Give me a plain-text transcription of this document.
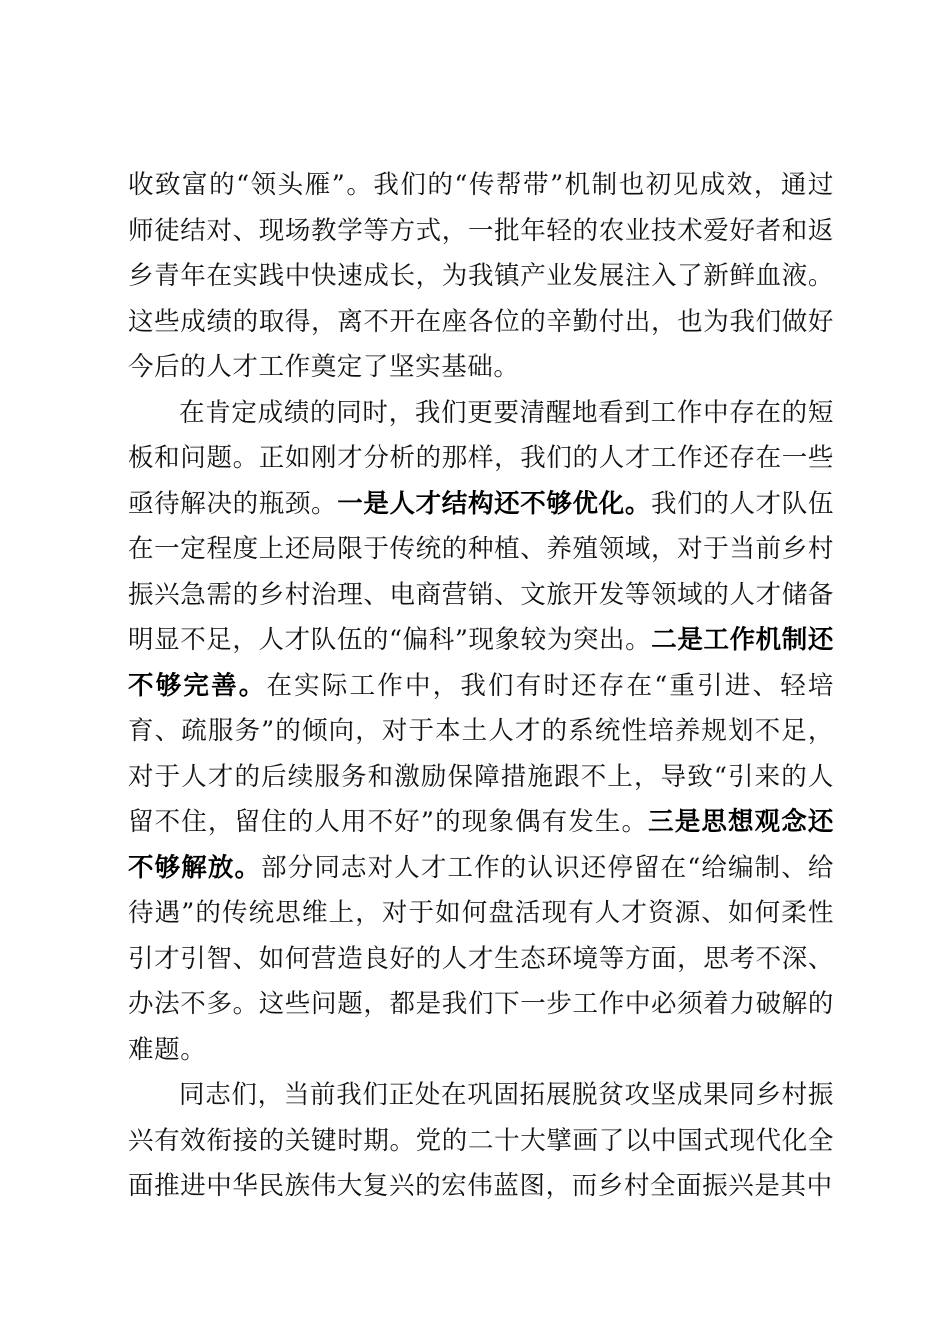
收致富的“领头雁”。我们的“传帮带”机制也初见成效，通过师徒结对、现场教学等方式，一批年轻的农业技术爱好者和返乡青年在实践中快速成长，为我镇产业发展注入了新鲜血液。这些成绩的取得，离不开在座各位的辛勤付出，也为我们做好今后的人才工作奠定了坚实基础。

在肯定成绩的同时，我们更要清醒地看到工作中存在的短板和问题。正如刚才分析的那样，我们的人才工作还存在一些亟待解决的瓶颈。一是人才结构还不够优化。我们的人才队伍在一定程度上还局限于传统的种植、养殖领域，对于当前乡村振兴急需的乡村治理、电商营销、文旅开发等领域的人才储备明显不足，人才队伍的“偏科”现象较为突出。二是工作机制还不够完善。在实际工作中，我们有时还存在“重引进、轻培育、疏服务”的倾向，对于本土人才的系统性培养规划不足，对于人才的后续服务和激励保障措施跟不上，导致“引来的人留不住，留住的人用不好”的现象偶有发生。三是思想观念还不够解放。部分同志对人才工作的认识还停留在“给编制、给待遇”的传统思维上，对于如何盘活现有人才资源、如何柔性引才引智、如何营造良好的人才生态环境等方面，思考不深、办法不多。这些问题，都是我们下一步工作中必须着力破解的难题。

同志们，当前我们正处在巩固拓展脱贫攻坚成果同乡村振兴有效衔接的关键时期。党的二十大擘画了以中国式现代化全面推进中华民族伟大复兴的宏伟蓝图，而乡村全面振兴是其中
